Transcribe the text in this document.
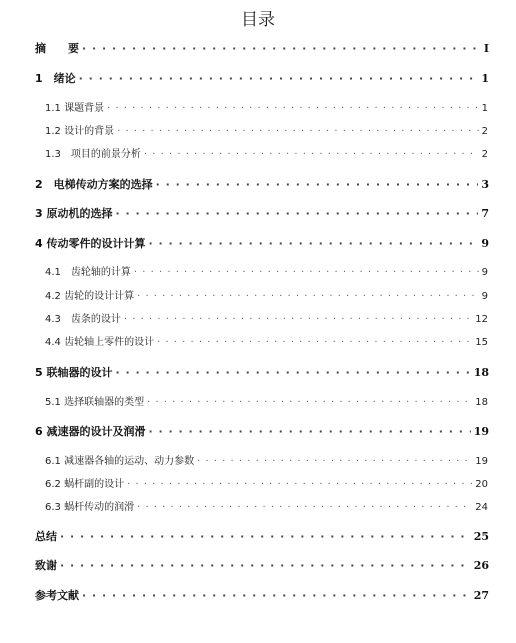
目录
摘　　要 · · ·	I
1　绪论 · · ·	1
1.1 课题背景 · · ·	1
1.2 设计的背景 · · ·	2
1.3　项目的前景分析 · · ·	2
2　电梯传动方案的选择 · · ·	3
3 原动机的选择 · · ·	7
4 传动零件的设计计算 · · ·	9
4.1　齿轮轴的计算 · · ·	9
4.2 齿轮的设计计算 · · ·	9
4.3　齿条的设计 · · ·	12
4.4 齿轮轴上零件的设计 · · ·	15
5 联轴器的设计 · · ·	18
5.1 选择联轴器的类型 · · ·	18
6 减速器的设计及润滑 · · ·	19
6.1 减速器各轴的运动、动力参数 · · ·	19
6.2 蜗杆副的设计 · · ·	20
6.3 蜗杆传动的润滑 · · ·	24
总结 · · ·	25
致谢 · · ·	26
参考文献 · · ·	27
